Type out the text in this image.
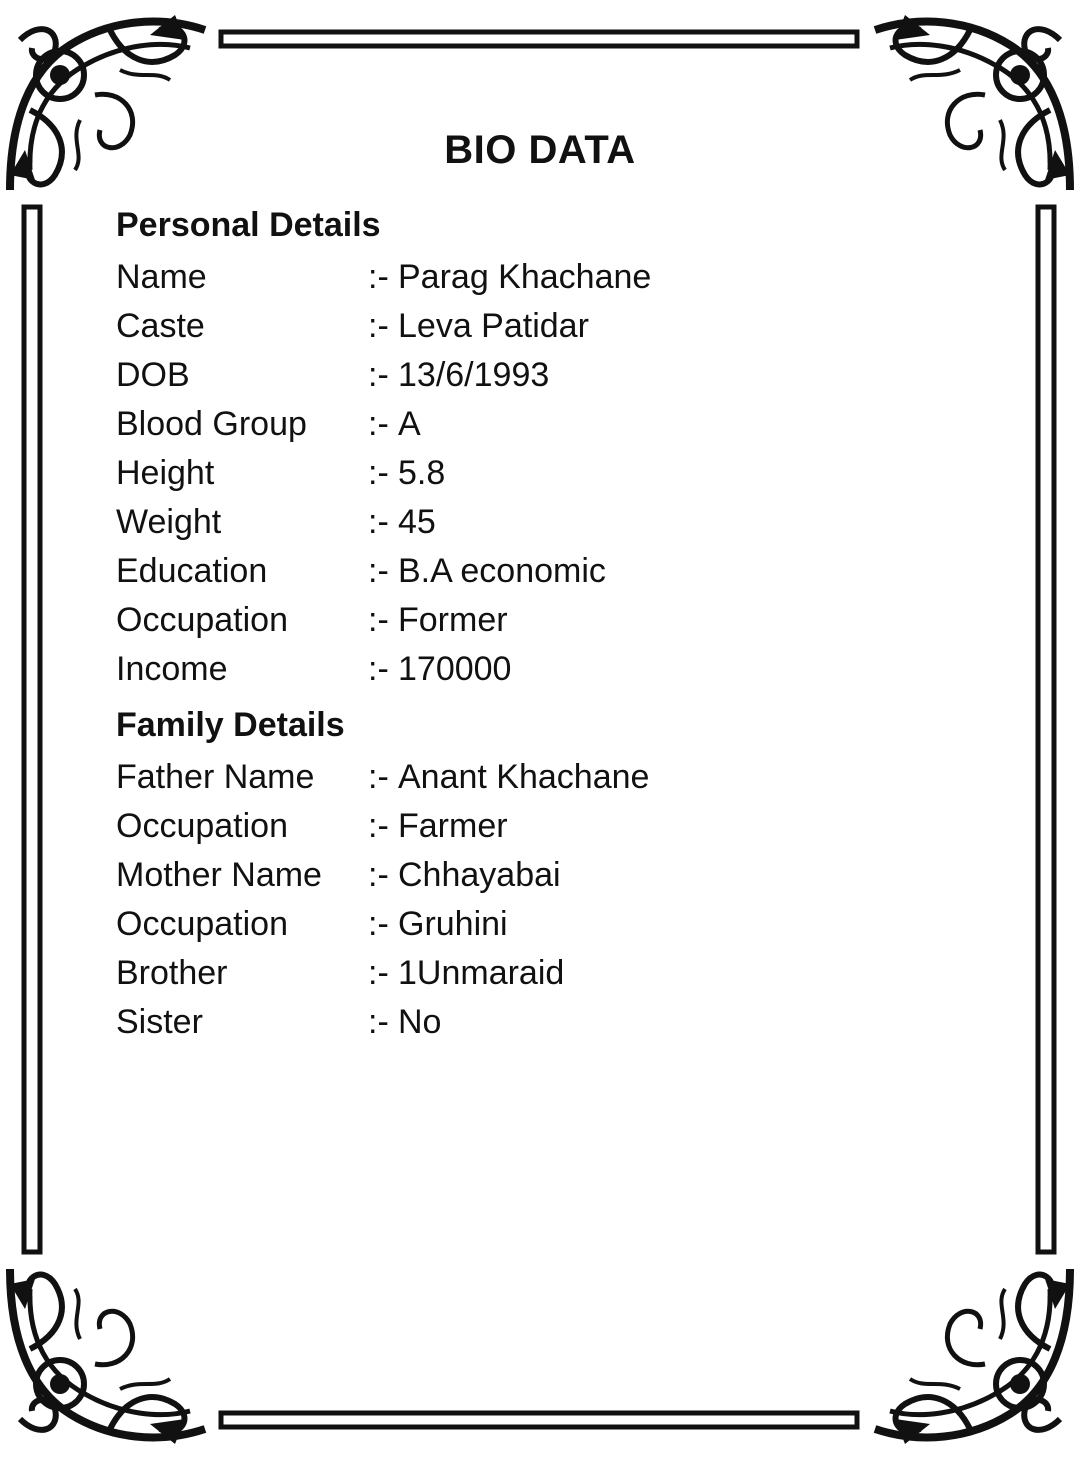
BIO DATA
Personal Details
Name	:- Parag Khachane
Caste	:- Leva Patidar
DOB	:- 13/6/1993
Blood Group :- A
Height	:- 5.8
Weight	:- 45
Education	:- B.A economic
Occupation :- Former
Income	:- 170000
Family Details
Father Name :- Anant Khachane
Occupation :- Farmer
Mother Name :- Chhayabai
Occupation :- Gruhini
Brother	:- 1Unmaraid
Sister	:- No
